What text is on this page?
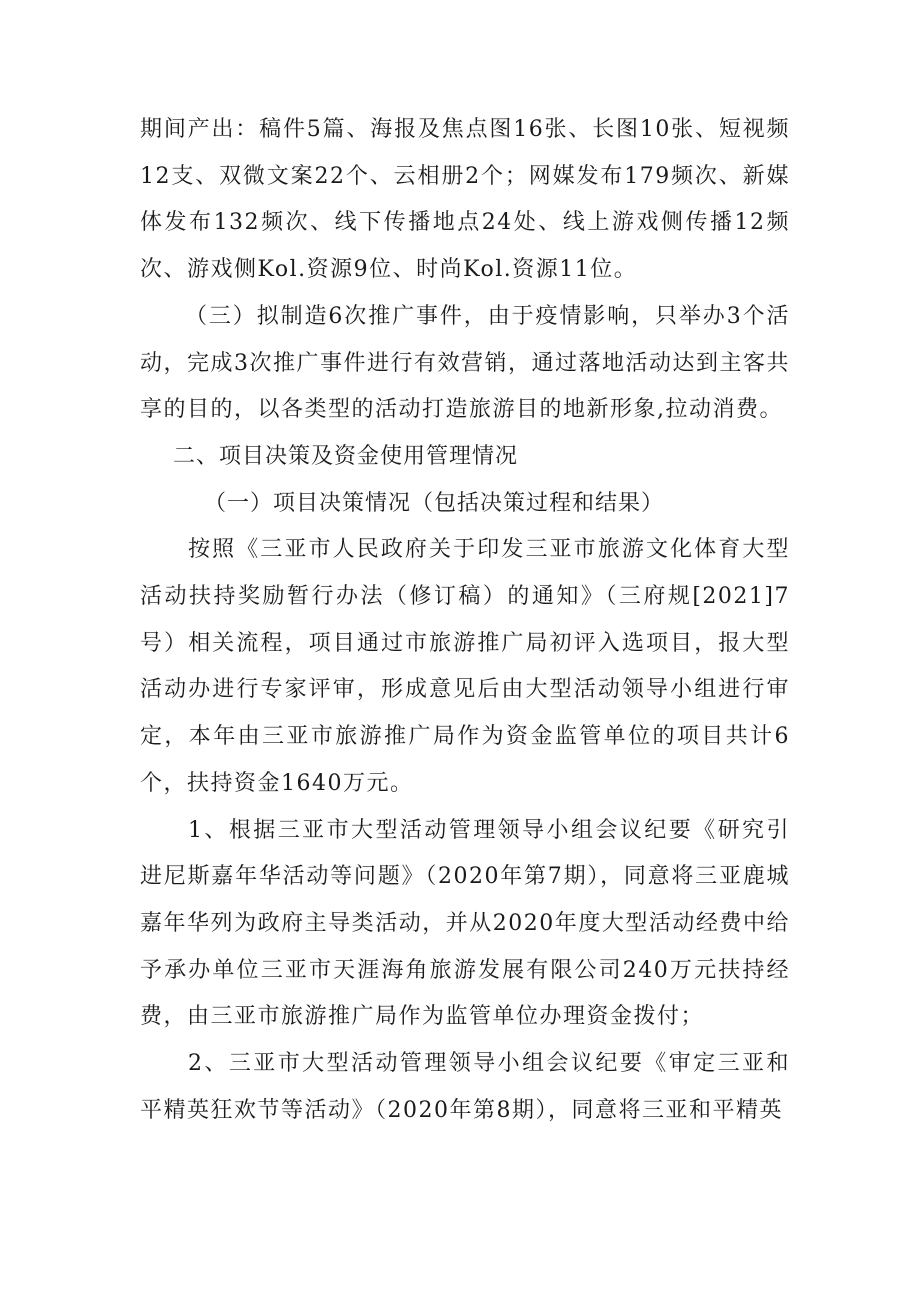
期间产出：稿件5篇、海报及焦点图16张、长图10张、短视频12支、双微文案22个、云相册2个；网媒发布179频次、新媒体发布132频次、线下传播地点24处、线上游戏侧传播12频次、游戏侧Kol.资源9位、时尚Kol.资源11位。

（三）拟制造6次推广事件，由于疫情影响，只举办3个活动，完成3次推广事件进行有效营销，通过落地活动达到主客共享的目的，以各类型的活动打造旅游目的地新形象,拉动消费。

二、项目决策及资金使用管理情况

（一）项目决策情况（包括决策过程和结果）

按照《三亚市人民政府关于印发三亚市旅游文化体育大型活动扶持奖励暂行办法（修订稿）的通知》（三府规[2021]7号）相关流程，项目通过市旅游推广局初评入选项目，报大型活动办进行专家评审，形成意见后由大型活动领导小组进行审定，本年由三亚市旅游推广局作为资金监管单位的项目共计6个，扶持资金1640万元。

1、根据三亚市大型活动管理领导小组会议纪要《研究引进尼斯嘉年华活动等问题》（2020年第7期），同意将三亚鹿城嘉年华列为政府主导类活动，并从2020年度大型活动经费中给予承办单位三亚市天涯海角旅游发展有限公司240万元扶持经费，由三亚市旅游推广局作为监管单位办理资金拨付；

2、三亚市大型活动管理领导小组会议纪要《审定三亚和平精英狂欢节等活动》（2020年第8期），同意将三亚和平精英
